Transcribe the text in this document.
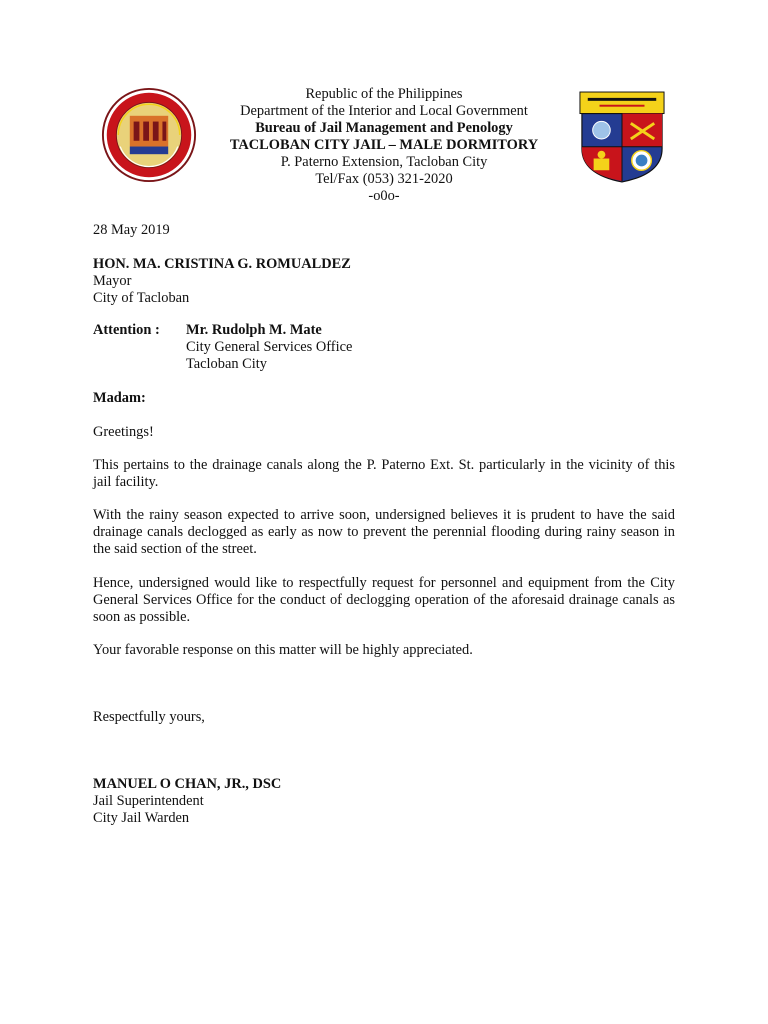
Republic of the Philippines
Department of the Interior and Local Government
Bureau of Jail Management and Penology
TACLOBAN CITY JAIL – MALE DORMITORY
P. Paterno Extension, Tacloban City
Tel/Fax (053) 321-2020
-o0o-
28 May 2019
HON. MA. CRISTINA G. ROMUALDEZ
Mayor
City of Tacloban
Attention : Mr. Rudolph M. Mate
City General Services Office
Tacloban City
Madam:
Greetings!
This pertains to the drainage canals along the P. Paterno Ext. St. particularly in the vicinity of this jail facility.
With the rainy season expected to arrive soon, undersigned believes it is prudent to have the said drainage canals declogged as early as now to prevent the perennial flooding during rainy season in the said section of the street.
Hence, undersigned would like to respectfully request for personnel and equipment from the City General Services Office for the conduct of declogging operation of the aforesaid drainage canals as soon as possible.
Your favorable response on this matter will be highly appreciated.
Respectfully yours,
MANUEL O CHAN, JR., DSC
Jail Superintendent
City Jail Warden
